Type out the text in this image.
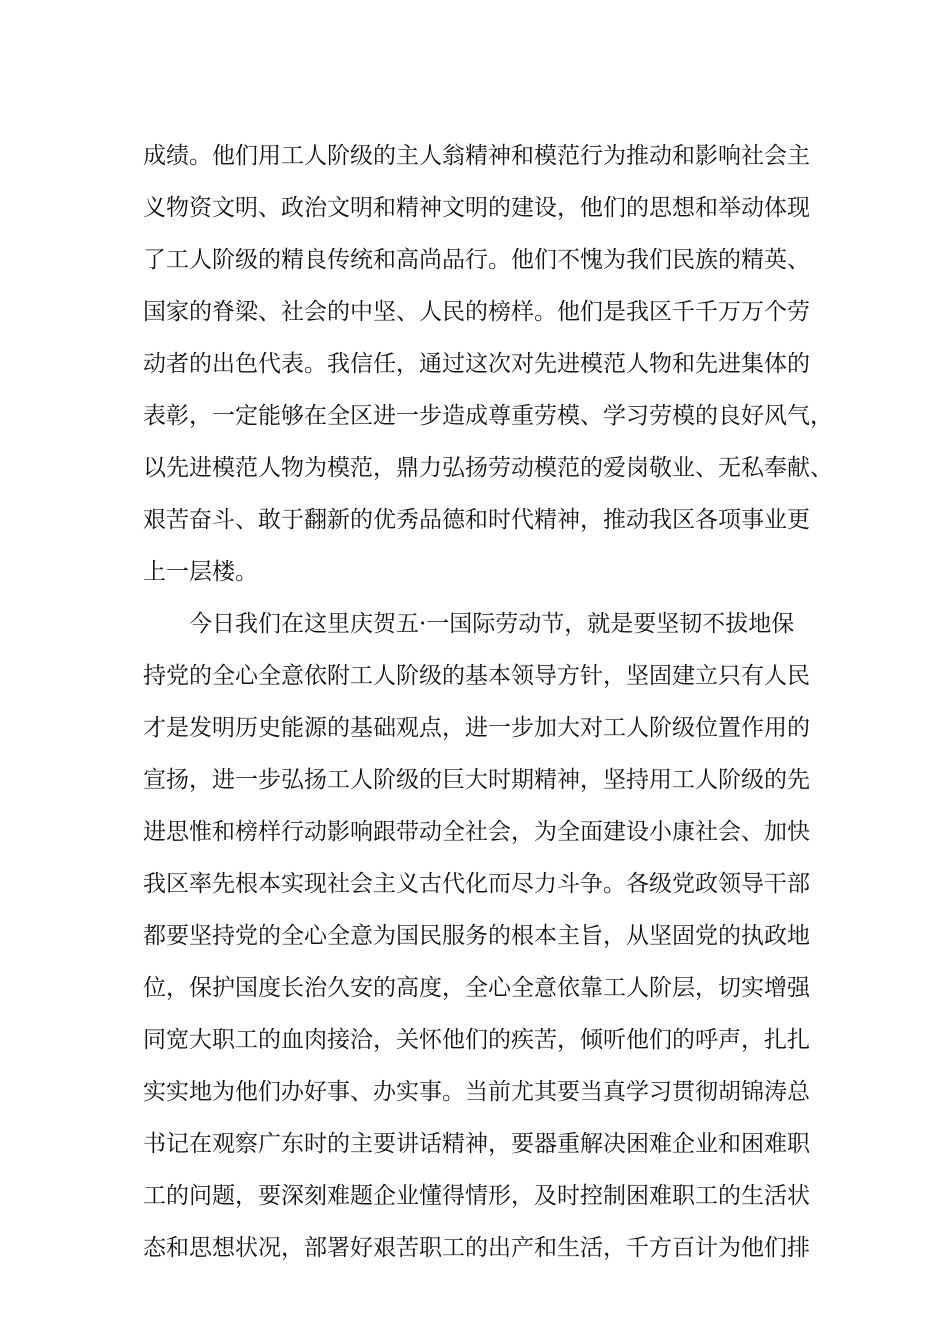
成绩。他们用工人阶级的主人翁精神和模范行为推动和影响社会主
义物资文明、政治文明和精神文明的建设，他们的思想和举动体现
了工人阶级的精良传统和高尚品行。他们不愧为我们民族的精英、
国家的脊梁、社会的中坚、人民的榜样。他们是我区千千万万个劳
动者的出色代表。我信任，通过这次对先进模范人物和先进集体的
表彰，一定能够在全区进一步造成尊重劳模、学习劳模的良好风气，
以先进模范人物为模范，鼎力弘扬劳动模范的爱岗敬业、无私奉献、
艰苦奋斗、敢于翻新的优秀品德和时代精神，推动我区各项事业更
上一层楼。
今日我们在这里庆贺五·一国际劳动节，就是要坚韧不拔地保
持党的全心全意依附工人阶级的基本领导方针，坚固建立只有人民
才是发明历史能源的基础观点，进一步加大对工人阶级位置作用的
宣扬，进一步弘扬工人阶级的巨大时期精神，坚持用工人阶级的先
进思惟和榜样行动影响跟带动全社会，为全面建设小康社会、加快
我区率先根本实现社会主义古代化而尽力斗争。各级党政领导干部
都要坚持党的全心全意为国民服务的根本主旨，从坚固党的执政地
位，保护国度长治久安的高度，全心全意依靠工人阶层，切实增强
同宽大职工的血肉接洽，关怀他们的疾苦，倾听他们的呼声，扎扎
实实地为他们办好事、办实事。当前尤其要当真学习贯彻胡锦涛总
书记在观察广东时的主要讲话精神，要器重解决困难企业和困难职
工的问题，要深刻难题企业懂得情形，及时控制困难职工的生活状
态和思想状况，部署好艰苦职工的出产和生活，千方百计为他们排
